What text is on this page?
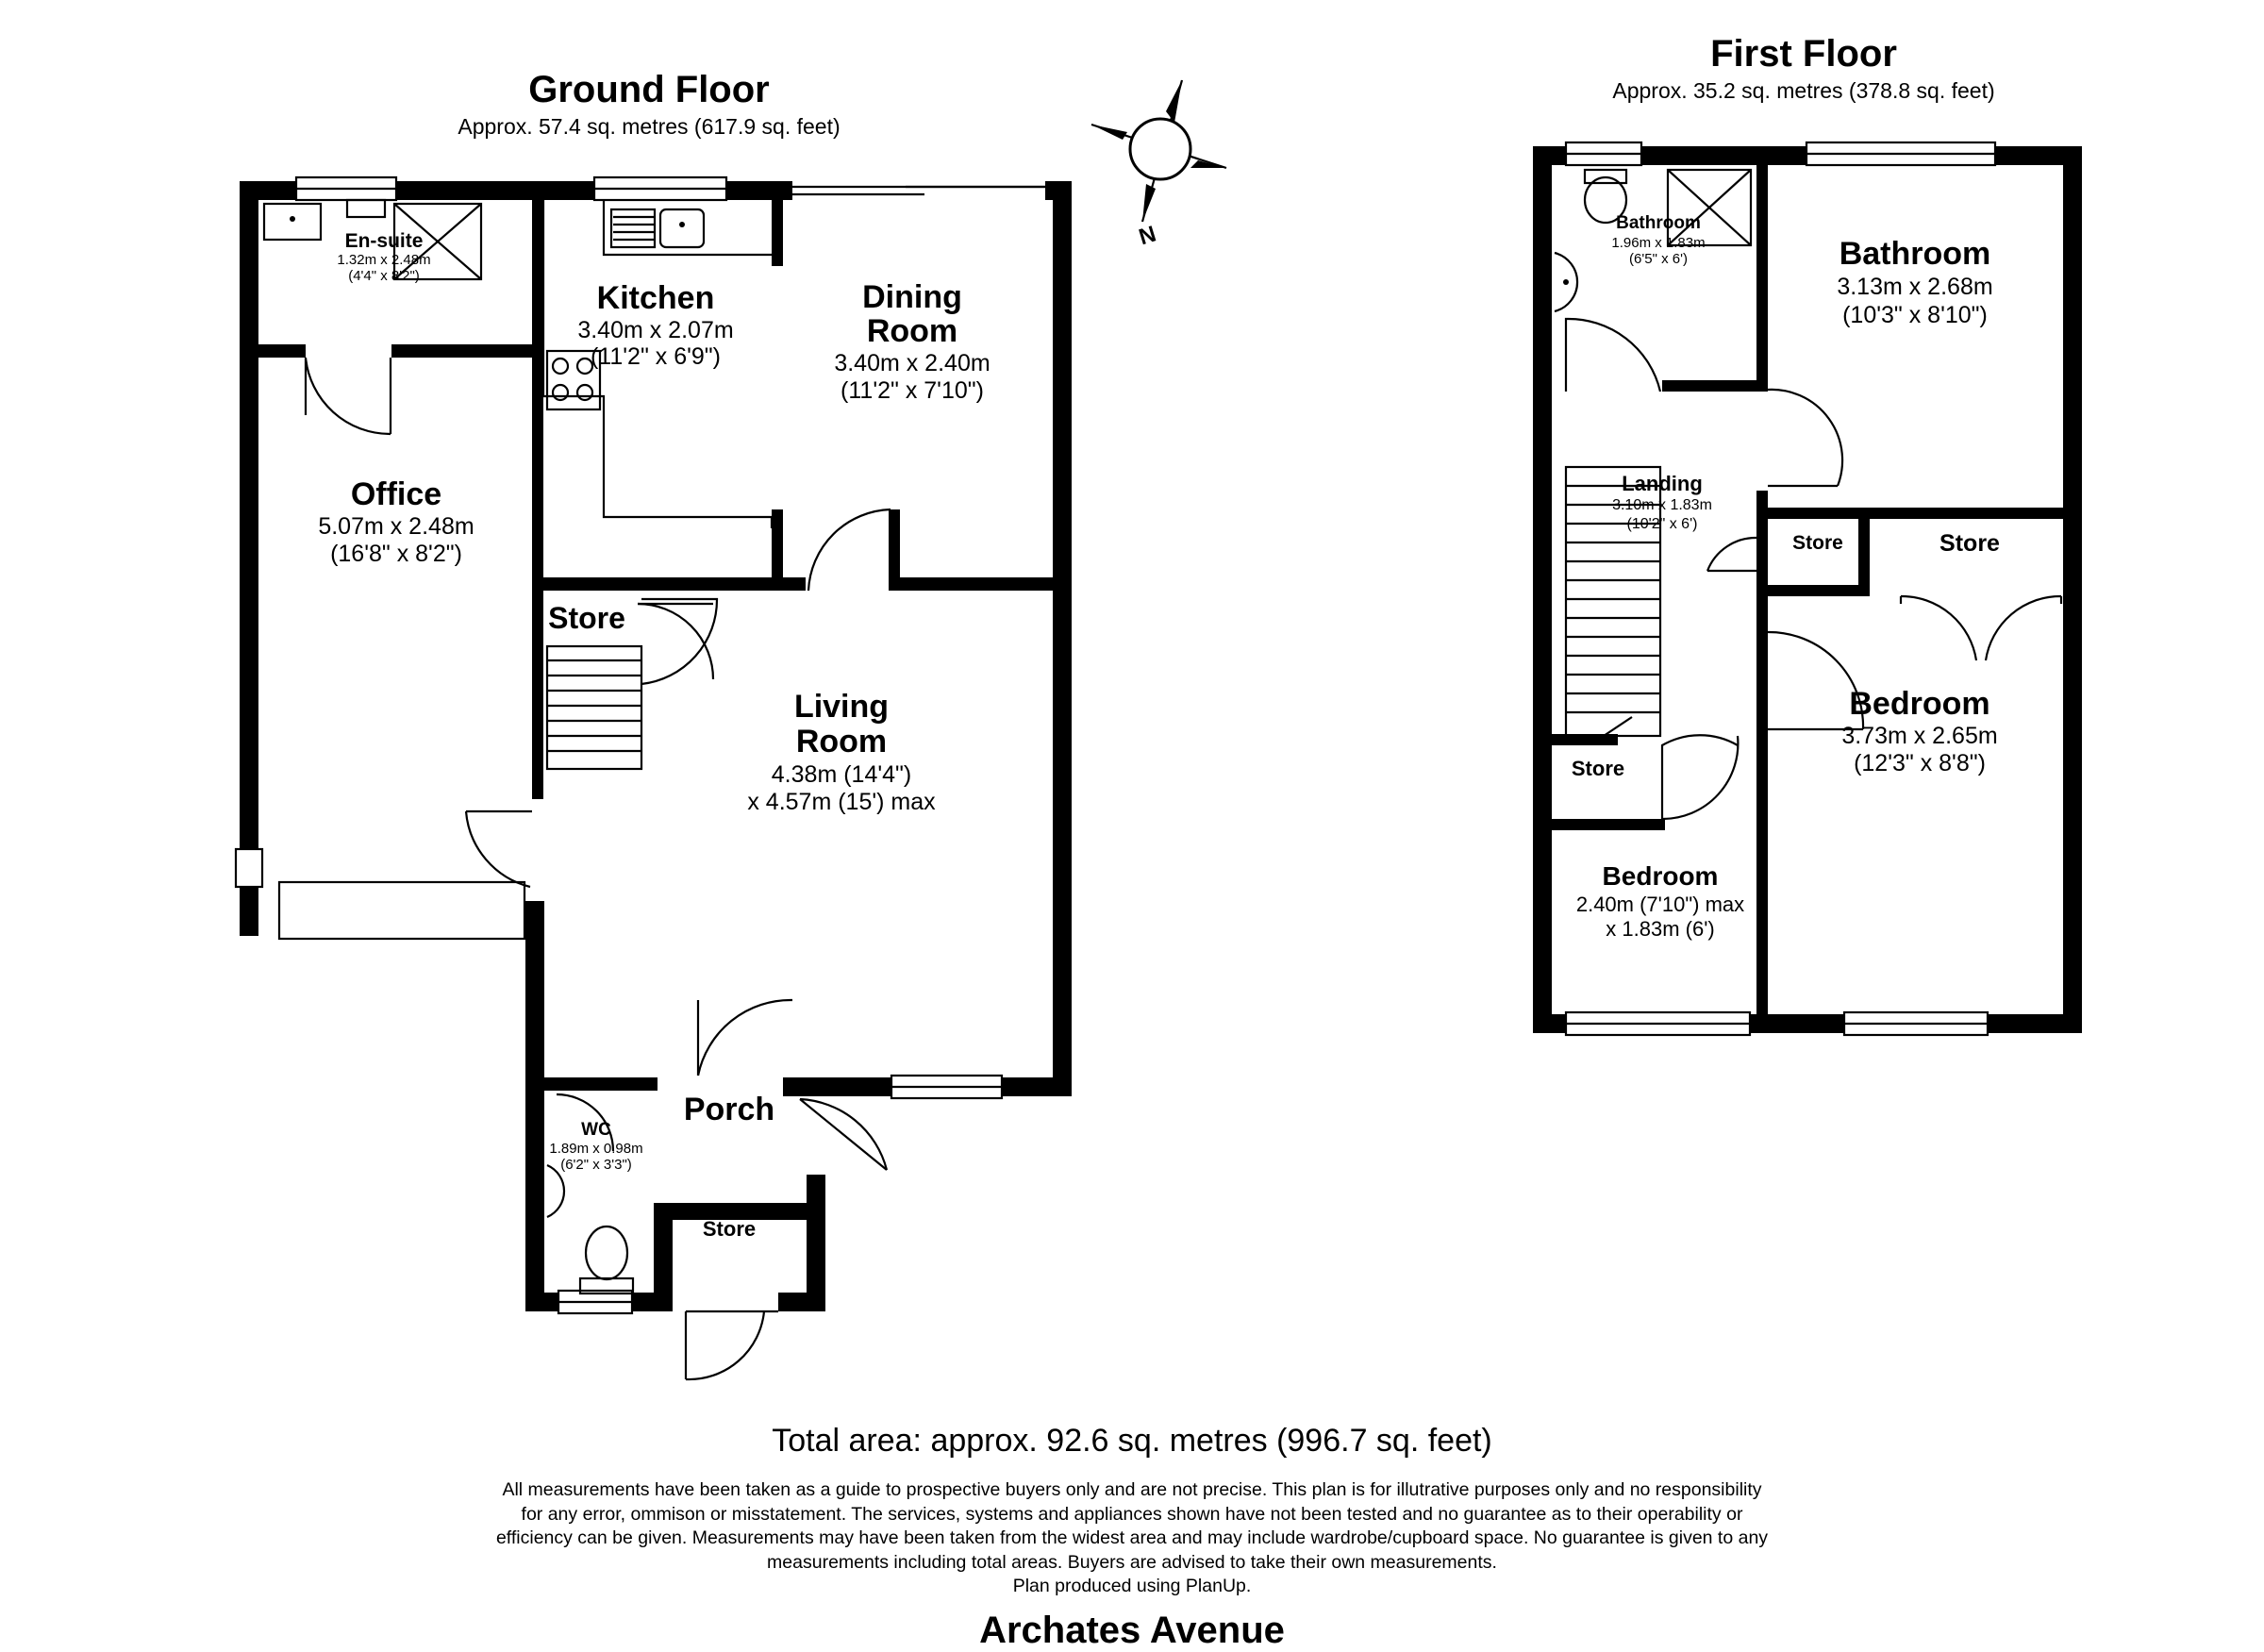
Ground Floor
Approx. 57.4 sq. metres (617.9 sq. feet)
First Floor
Approx. 35.2 sq. metres (378.8 sq. feet)
N
En-suite
1.32m x 2.48m
(4'4" x 8'2")
Kitchen
3.40m x 2.07m
(11'2" x 6'9")
Dining
Room
3.40m x 2.40m
(11'2" x 7'10")
Office
5.07m x 2.48m
(16'8" x 8'2")
Store
Living
Room
4.38m (14'4")
x 4.57m (15') max
Porch
WC
1.89m x 0.98m
(6'2" x 3'3")
Store
Bathroom
1.96m x 1.83m
(6'5" x 6')	Bathroom
3.13m x 2.68m
(10'3" x 8'10")
Landing
3.10m x 1.83m
(10'2" x 6')
Store	Store
Store
Bedroom
3.73m x 2.65m
(12'3" x 8'8")
Bedroom
2.40m (7'10") max
x 1.83m (6')
Total area: approx. 92.6 sq. metres (996.7 sq. feet)
All measurements have been taken as a guide to prospective buyers only and are not precise. This plan is for illutrative purposes only and no responsibility
for any error, ommison or misstatement. The services, systems and appliances shown have not been tested and no guarantee as to their operability or
efficiency can be given. Measurements may have been taken from the widest area and may include wardrobe/cupboard space. No guarantee is given to any
measurements including total areas. Buyers are advised to take their own measurements.
Plan produced using PlanUp.
Archates Avenue
